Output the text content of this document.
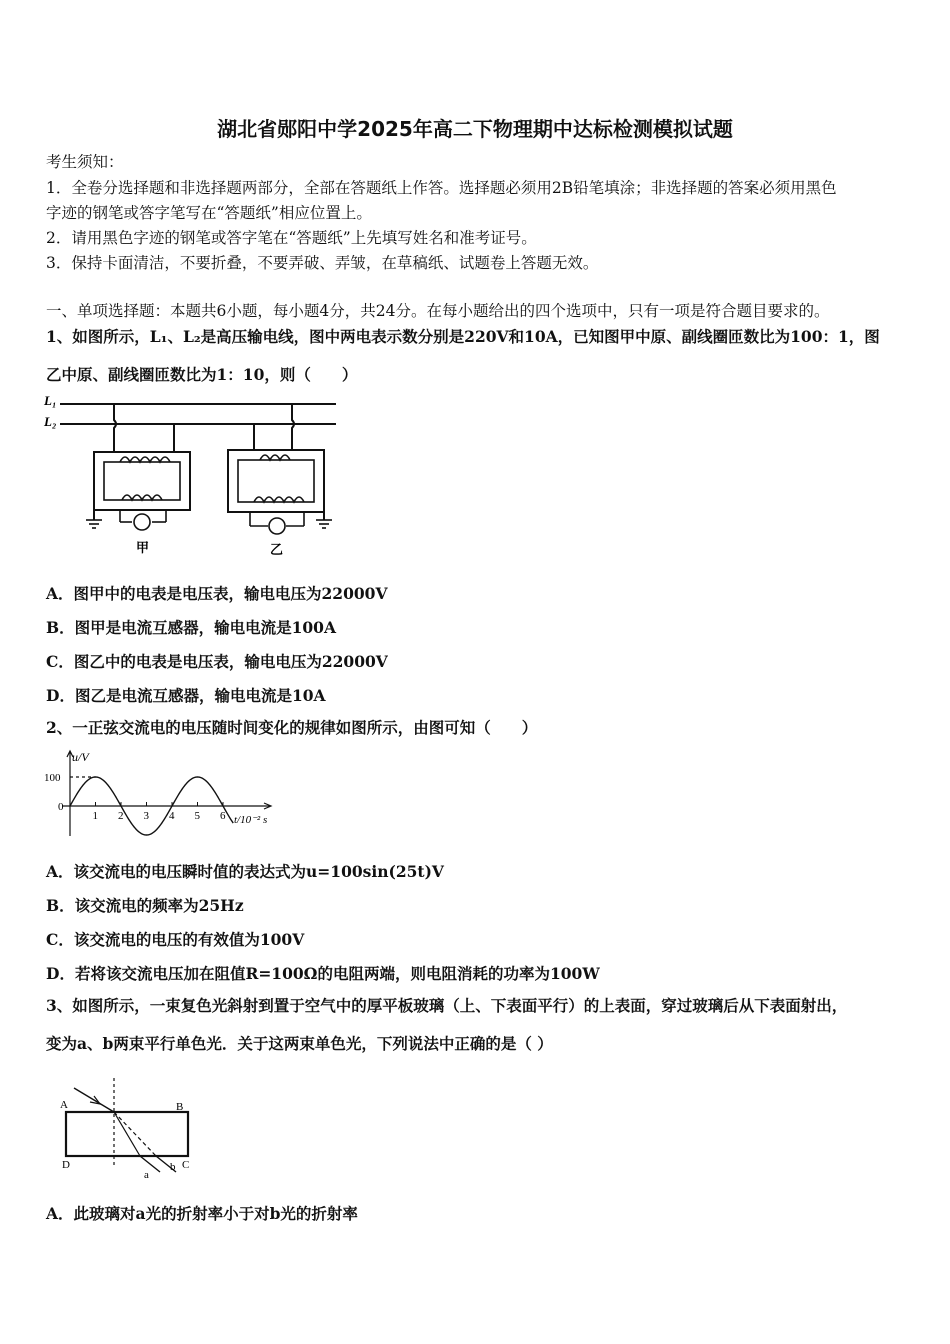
湖北省郧阳中学2025年高二下物理期中达标检测模拟试题
考生须知：
1．全卷分选择题和非选择题两部分，全部在答题纸上作答。选择题必须用2B铅笔填涂；非选择题的答案必须用黑色
字迹的钢笔或答字笔写在“答题纸”相应位置上。
2．请用黑色字迹的钢笔或答字笔在“答题纸”上先填写姓名和准考证号。
3．保持卡面清洁，不要折叠，不要弄破、弄皱，在草稿纸、试题卷上答题无效。
一、单项选择题：本题共6小题，每小题4分，共24分。在每小题给出的四个选项中，只有一项是符合题目要求的。
1、如图所示，L₁、L₂是高压输电线，图中两电表示数分别是220V和10A，已知图甲中原、副线圈匝数比为100：1，图
乙中原、副线圈匝数比为1：10，则（　　）
L₁
L₂
甲	乙
A．图甲中的电表是电压表，输电电压为22000V
B．图甲是电流互感器，输电电流是100A
C．图乙中的电表是电压表，输电电压为22000V
D．图乙是电流互感器，输电电流是10A
2、一正弦交流电的电压随时间变化的规律如图所示，由图可知（　　）
u/V
100
0
1 2 3 4 5 6 t/10⁻² s
A．该交流电的电压瞬时值的表达式为u=100sin(25t)V
B．该交流电的频率为25Hz
C．该交流电的电压的有效值为100V
D．若将该交流电压加在阻值R=100Ω的电阻两端，则电阻消耗的功率为100W
3、如图所示，一束复色光斜射到置于空气中的厚平板玻璃（上、下表面平行）的上表面，穿过玻璃后从下表面射出，
变为a、b两束平行单色光．关于这两束单色光，下列说法中正确的是（ ）
A	B
C
D
a
b
A．此玻璃对a光的折射率小于对b光的折射率
